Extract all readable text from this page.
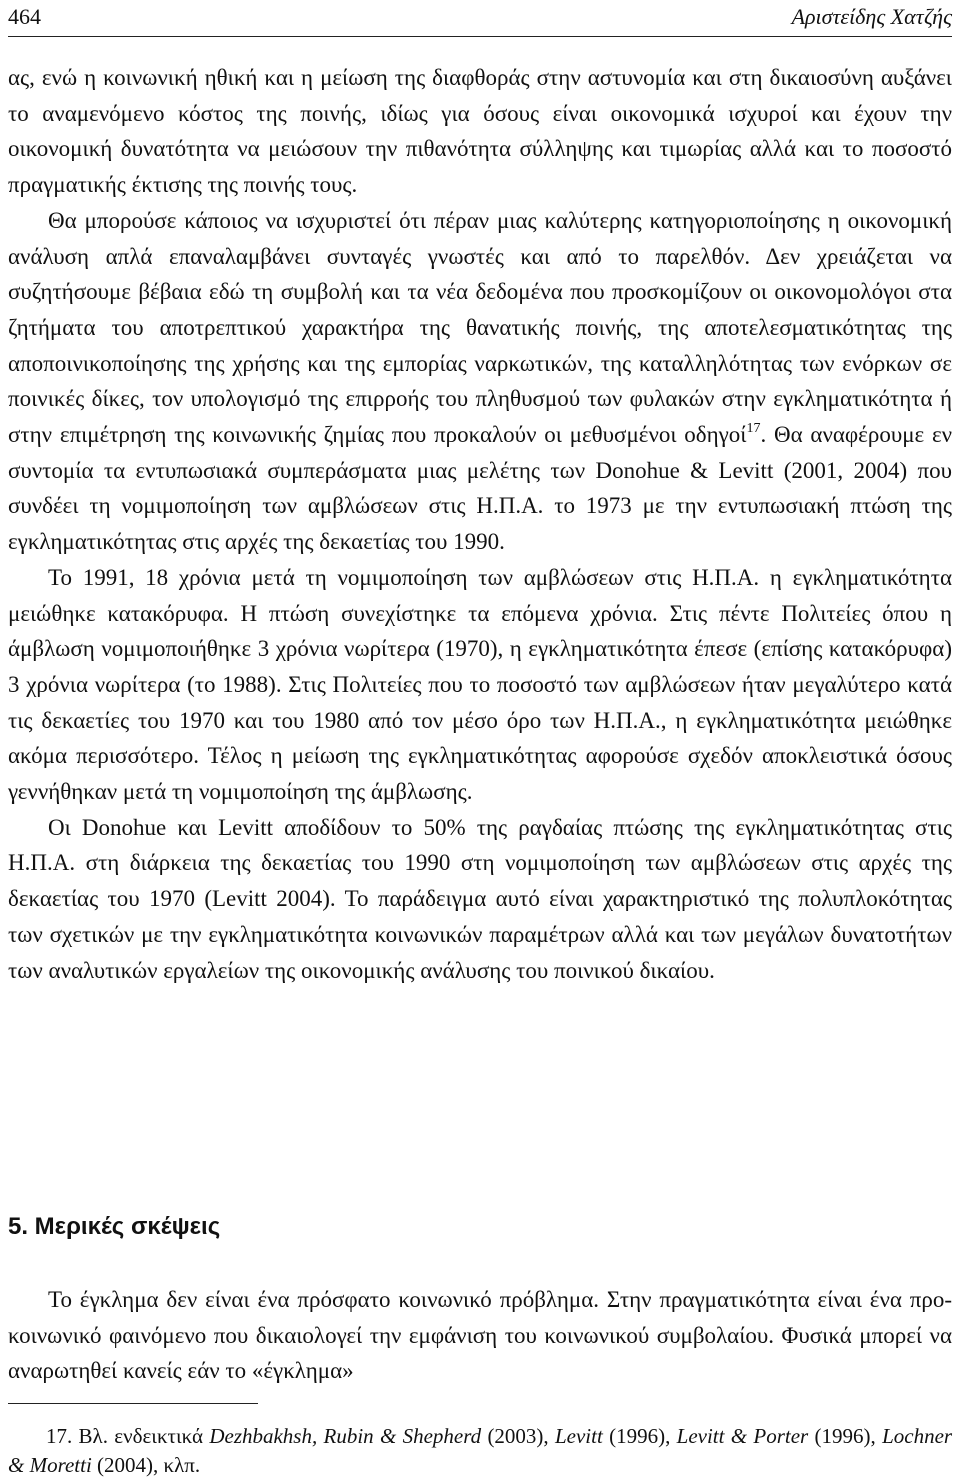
464	Αριστείδης Χατζής

ας, ενώ η κοινωνική ηθική και η μείωση της διαφθοράς στην αστυνομία και στη δικαιοσύνη αυξάνει το αναμενόμενο κόστος της ποινής, ιδίως για όσους είναι οικονομικά ισχυροί και έχουν την οικονομική δυνατότητα να μειώσουν την πιθανότητα σύλληψης και τιμωρίας αλλά και το ποσοστό πραγματικής έκτισης της ποινής τους.

Θα μπορούσε κάποιος να ισχυριστεί ότι πέραν μιας καλύτερης κατηγοριοποίησης η οικονομική ανάλυση απλά επαναλαμβάνει συνταγές γνωστές και από το παρελθόν. Δεν χρειάζεται να συζητήσουμε βέβαια εδώ τη συμβολή και τα νέα δεδομένα που προσκομίζουν οι οικονομολόγοι στα ζητήματα του αποτρεπτικού χαρακτήρα της θανατικής ποινής, της αποτελεσματικότητας της αποποινικοποίησης της χρήσης και της εμπορίας ναρκωτικών, της καταλληλότητας των ενόρκων σε ποινικές δίκες, τον υπολογισμό της επιρροής του πληθυσμού των φυλακών στην εγκληματικότητα ή στην επιμέτρηση της κοινωνικής ζημίας που προκαλούν οι μεθυσμένοι οδηγοί$^{17}$. Θα αναφέρουμε εν συντομία τα εντυπωσιακά συμπεράσματα μιας μελέτης των Donohue & Levitt (2001, 2004) που συνδέει τη νομιμοποίηση των αμβλώσεων στις Η.Π.Α. το 1973 με την εντυπωσιακή πτώση της εγκληματικότητας στις αρχές της δεκαετίας του 1990.

Το 1991, 18 χρόνια μετά τη νομιμοποίηση των αμβλώσεων στις Η.Π.Α. η εγκληματικότητα μειώθηκε κατακόρυφα. Η πτώση συνεχίστηκε τα επόμενα χρόνια. Στις πέντε Πολιτείες όπου η άμβλωση νομιμοποιήθηκε 3 χρόνια νωρίτερα (1970), η εγκληματικότητα έπεσε (επίσης κατακόρυφα) 3 χρόνια νωρίτερα (το 1988). Στις Πολιτείες που το ποσοστό των αμβλώσεων ήταν μεγαλύτερο κατά τις δεκαετίες του 1970 και του 1980 από τον μέσο όρο των Η.Π.Α., η εγκληματικότητα μειώθηκε ακόμα περισσότερο. Τέλος η μείωση της εγκληματικότητας αφορούσε σχεδόν αποκλειστικά όσους γεννήθηκαν μετά τη νομιμοποίηση της άμβλωσης.

Οι Donohue και Levitt αποδίδουν το 50% της ραγδαίας πτώσης της εγκληματικότητας στις Η.Π.Α. στη διάρκεια της δεκαετίας του 1990 στη νομιμοποίηση των αμβλώσεων στις αρχές της δεκαετίας του 1970 (Levitt 2004). Το παράδειγμα αυτό είναι χαρακτηριστικό της πολυπλοκότητας των σχετικών με την εγκληματικότητα κοινωνικών παραμέτρων αλλά και των μεγάλων δυνατοτήτων των αναλυτικών εργαλείων της οικονομικής ανάλυσης του ποινικού δικαίου.

5. Μερικές σκέψεις

Το έγκλημα δεν είναι ένα πρόσφατο κοινωνικό πρόβλημα. Στην πραγματικότητα είναι ένα προ-κοινωνικό φαινόμενο που δικαιολογεί την εμφάνιση του κοινωνικού συμβολαίου. Φυσικά μπορεί να αναρωτηθεί κανείς εάν το «έγκλημα»

17. Βλ. ενδεικτικά Dezhbakhsh, Rubin & Shepherd (2003), Levitt (1996), Levitt & Porter (1996), Lochner & Moretti (2004), κλπ.
